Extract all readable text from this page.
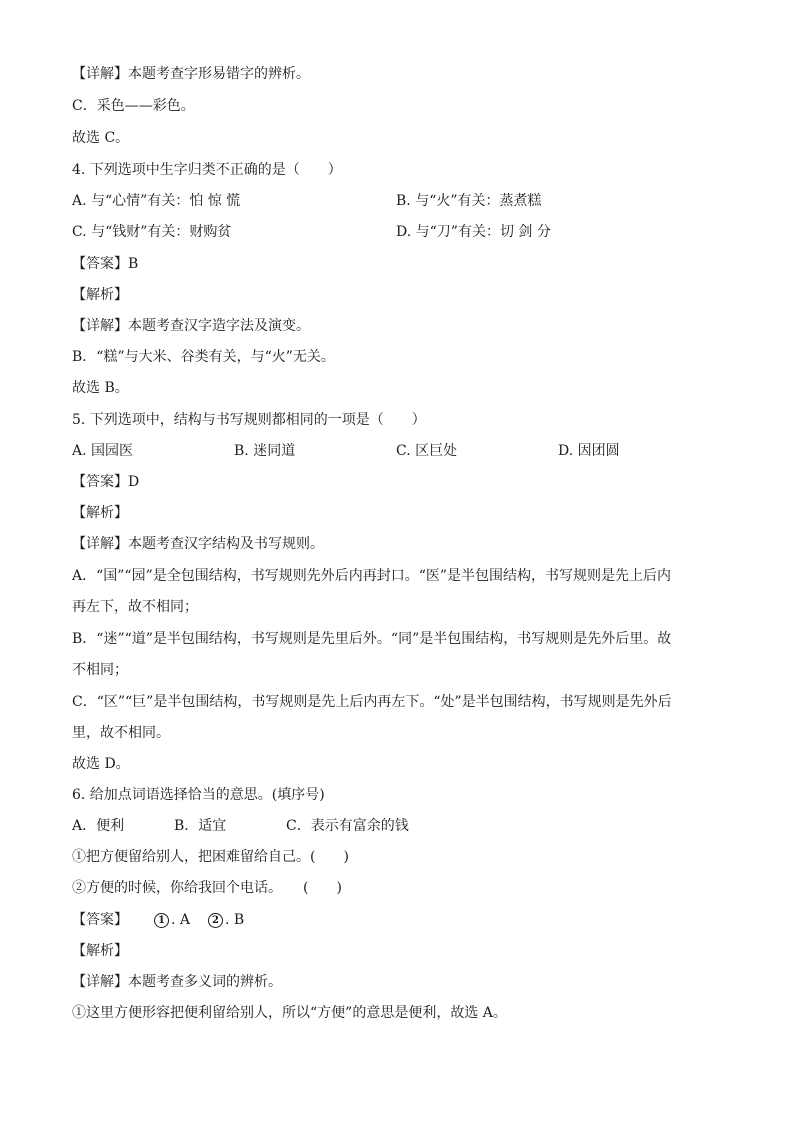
【详解】本题考查字形易错字的辨析。
C．采色——彩色。
故选 C。
4. 下列选项中生字归类不正确的是（　　）
A. 与“心情”有关：怕 惊 慌	B. 与“火”有关：蒸煮糕
C. 与“钱财”有关：财购贫	D. 与“刀”有关：切 剑 分
【答案】B
【解析】
【详解】本题考查汉字造字法及演变。
B．“糕”与大米、谷类有关，与“火”无关。
故选 B。
5. 下列选项中，结构与书写规则都相同的一项是（　　）
A. 国园医	B. 迷同道	C. 区巨处	D. 因团圆
【答案】D
【解析】
【详解】本题考查汉字结构及书写规则。
A．“国”“园”是全包围结构，书写规则先外后内再封口。“医”是半包围结构，书写规则是先上后内
再左下，故不相同；
B．“迷”“道”是半包围结构，书写规则是先里后外。“同”是半包围结构，书写规则是先外后里。故
不相同；
C．“区”“巨”是半包围结构，书写规则是先上后内再左下。“处”是半包围结构，书写规则是先外后
里，故不相同。
故选 D。
6. 给加点词语选择恰当的意思。(填序号)
A．便利	B．适宜	C．表示有富余的钱
①把方便留给别人，把困难留给自己。(　　)
②方便的时候，你给我回个电话。　　(　　)
【答案】	1 . A 2 . B
【解析】
【详解】本题考查多义词的辨析。
①这里方便形容把便利留给别人，所以“方便”的意思是便利，故选 A。
